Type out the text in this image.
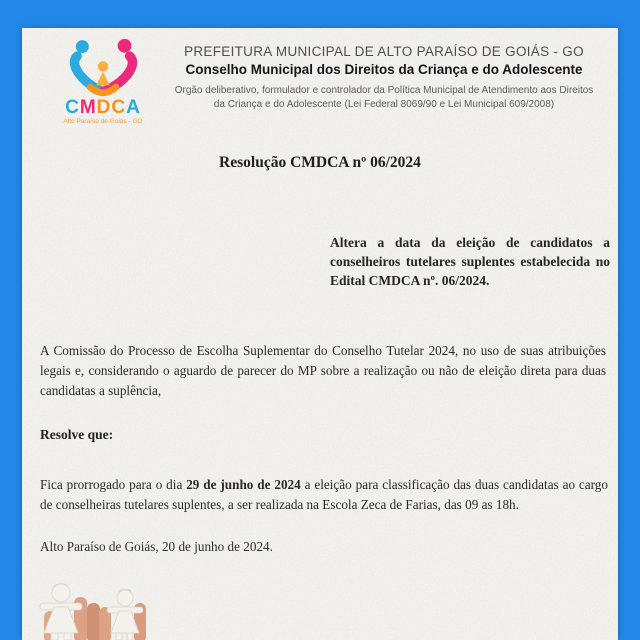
CMDCA
Alto Paraíso de Goiás - GO
PREFEITURA MUNICIPAL DE ALTO PARAÍSO DE GOIÁS - GO
Conselho Municipal dos Direitos da Criança e do Adolescente
Orgão deliberativo, formulador e controlador da Política Municipal de Atendimento aos Direitos da Criança e do Adolescente (Lei Federal 8069/90 e Lei Municipal 609/2008)
Resolução CMDCA nº 06/2024

Altera a data da eleição de candidatos a conselheiros tutelares suplentes estabelecida no Edital CMDCA nº. 06/2024.

A Comissão do Processo de Escolha Suplementar do Conselho Tutelar 2024, no uso de suas atribuições legais e, considerando o aguardo de parecer do MP sobre a realização ou não de eleição direta para duas candidatas a suplência,

Resolve que:

Fica prorrogado para o dia 29 de junho de 2024 a eleição para classificação das duas candidatas ao cargo de conselheiras tutelares suplentes, a ser realizada na Escola Zeca de Farias, das 09 as 18h.

Alto Paraíso de Goiás, 20 de junho de 2024.
